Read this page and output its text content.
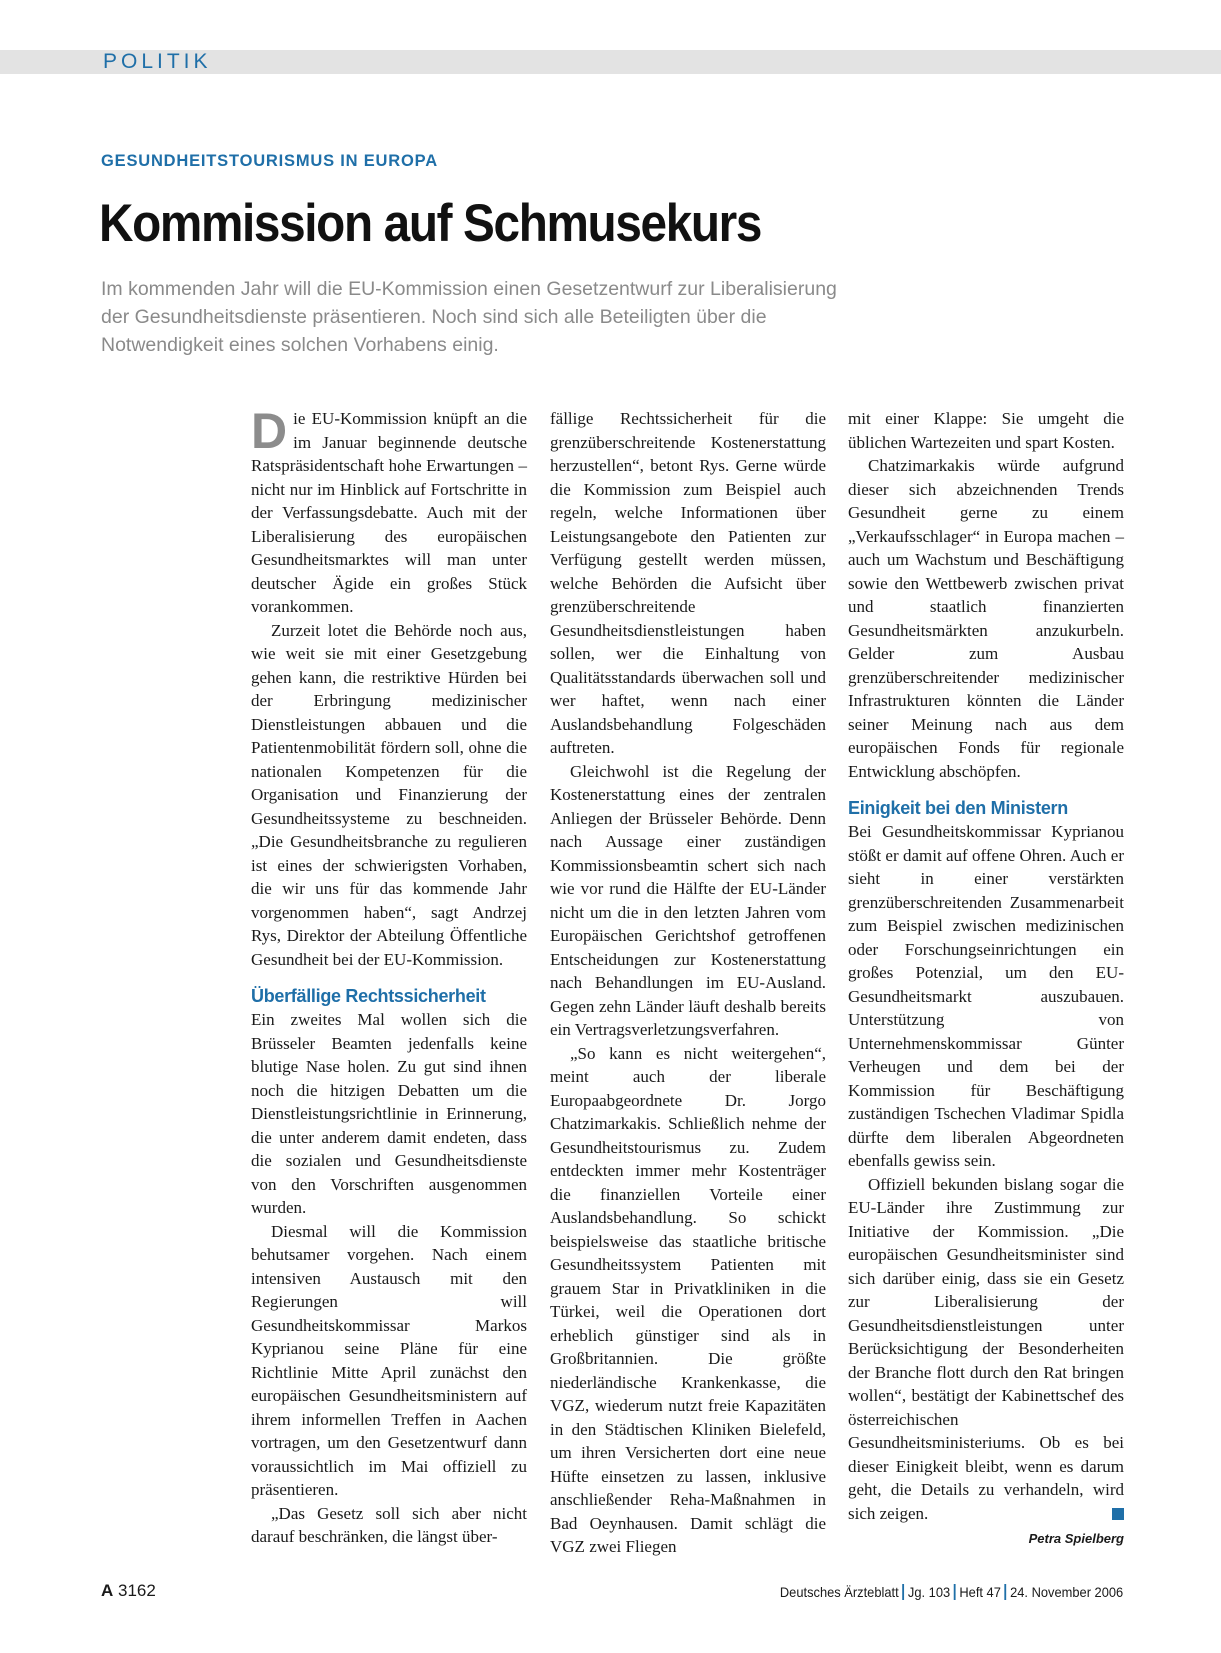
POLITIK
GESUNDHEITSTOURISMUS IN EUROPA
Kommission auf Schmusekurs
Im kommenden Jahr will die EU-Kommission einen Gesetzentwurf zur Liberalisierung der Gesundheitsdienste präsentieren. Noch sind sich alle Beteiligten über die Notwendigkeit eines solchen Vorhabens einig.

Die EU-Kommission knüpft an die im Januar beginnende deutsche Ratspräsidentschaft hohe Erwartungen – nicht nur im Hinblick auf Fortschritte in der Verfassungsdebatte. Auch mit der Liberalisierung des europäischen Gesundheitsmarktes will man unter deutscher Ägide ein großes Stück vorankommen.

Zurzeit lotet die Behörde noch aus, wie weit sie mit einer Gesetzgebung gehen kann, die restriktive Hürden bei der Erbringung medizinischer Dienstleistungen abbauen und die Patientenmobilität fördern soll, ohne die nationalen Kompetenzen für die Organisation und Finanzierung der Gesundheitssysteme zu beschneiden. „Die Gesundheitsbranche zu regulieren ist eines der schwierigsten Vorhaben, die wir uns für das kommende Jahr vorgenommen haben“, sagt Andrzej Rys, Direktor der Abteilung Öffentliche Gesundheit bei der EU-Kommission.

Überfällige Rechtssicherheit

Ein zweites Mal wollen sich die Brüsseler Beamten jedenfalls keine blutige Nase holen. Zu gut sind ihnen noch die hitzigen Debatten um die Dienstleistungsrichtlinie in Erinnerung, die unter anderem damit endeten, dass die sozialen und Gesundheitsdienste von den Vorschriften ausgenommen wurden.

Diesmal will die Kommission behutsamer vorgehen. Nach einem intensiven Austausch mit den Regierungen will Gesundheitskommissar Markos Kyprianou seine Pläne für eine Richtlinie Mitte April zunächst den europäischen Gesundheitsministern auf ihrem informellen Treffen in Aachen vortragen, um den Gesetzentwurf dann voraussichtlich im Mai offiziell zu präsentieren.

„Das Gesetz soll sich aber nicht darauf beschränken, die längst über-

fällige Rechtssicherheit für die grenzüberschreitende Kostenerstattung herzustellen“, betont Rys. Gerne würde die Kommission zum Beispiel auch regeln, welche Informationen über Leistungsangebote den Patienten zur Verfügung gestellt werden müssen, welche Behörden die Aufsicht über grenzüberschreitende Gesundheitsdienstleistungen haben sollen, wer die Einhaltung von Qualitätsstandards überwachen soll und wer haftet, wenn nach einer Auslandsbehandlung Folgeschäden auftreten.

Gleichwohl ist die Regelung der Kostenerstattung eines der zentralen Anliegen der Brüsseler Behörde. Denn nach Aussage einer zuständigen Kommissionsbeamtin schert sich nach wie vor rund die Hälfte der EU-Länder nicht um die in den letzten Jahren vom Europäischen Gerichtshof getroffenen Entscheidungen zur Kostenerstattung nach Behandlungen im EU-Ausland. Gegen zehn Länder läuft deshalb bereits ein Vertragsverletzungsverfahren.

„So kann es nicht weitergehen“, meint auch der liberale Europaabgeordnete Dr. Jorgo Chatzimarkakis. Schließlich nehme der Gesundheitstourismus zu. Zudem entdeckten immer mehr Kostenträger die finanziellen Vorteile einer Auslandsbehandlung. So schickt beispielsweise das staatliche britische Gesundheitssystem Patienten mit grauem Star in Privatkliniken in die Türkei, weil die Operationen dort erheblich günstiger sind als in Großbritannien. Die größte niederländische Krankenkasse, die VGZ, wiederum nutzt freie Kapazitäten in den Städtischen Kliniken Bielefeld, um ihren Versicherten dort eine neue Hüfte einsetzen zu lassen, inklusive anschließender Reha-Maßnahmen in Bad Oeynhausen. Damit schlägt die VGZ zwei Fliegen

mit einer Klappe: Sie umgeht die üblichen Wartezeiten und spart Kosten.

Chatzimarkakis würde aufgrund dieser sich abzeichnenden Trends Gesundheit gerne zu einem „Verkaufsschlager“ in Europa machen – auch um Wachstum und Beschäftigung sowie den Wettbewerb zwischen privat und staatlich finanzierten Gesundheitsmärkten anzukurbeln. Gelder zum Ausbau grenzüberschreitender medizinischer Infrastrukturen könnten die Länder seiner Meinung nach aus dem europäischen Fonds für regionale Entwicklung abschöpfen.

Einigkeit bei den Ministern

Bei Gesundheitskommissar Kyprianou stößt er damit auf offene Ohren. Auch er sieht in einer verstärkten grenzüberschreitenden Zusammenarbeit zum Beispiel zwischen medizinischen oder Forschungseinrichtungen ein großes Potenzial, um den EU-Gesundheitsmarkt auszubauen. Unterstützung von Unternehmenskommissar Günter Verheugen und dem bei der Kommission für Beschäftigung zuständigen Tschechen Vladimar Spidla dürfte dem liberalen Abgeordneten ebenfalls gewiss sein.

Offiziell bekunden bislang sogar die EU-Länder ihre Zustimmung zur Initiative der Kommission. „Die europäischen Gesundheitsminister sind sich darüber einig, dass sie ein Gesetz zur Liberalisierung der Gesundheitsdienstleistungen unter Berücksichtigung der Besonderheiten der Branche flott durch den Rat bringen wollen“, bestätigt der Kabinettschef des österreichischen Gesundheitsministeriums. Ob es bei dieser Einigkeit bleibt, wenn es darum geht, die Details zu verhandeln, wird sich zeigen.

Petra Spielberg
A 3162	Deutsches Ärzteblatt Jg. 103 Heft 47 24. November 2006
